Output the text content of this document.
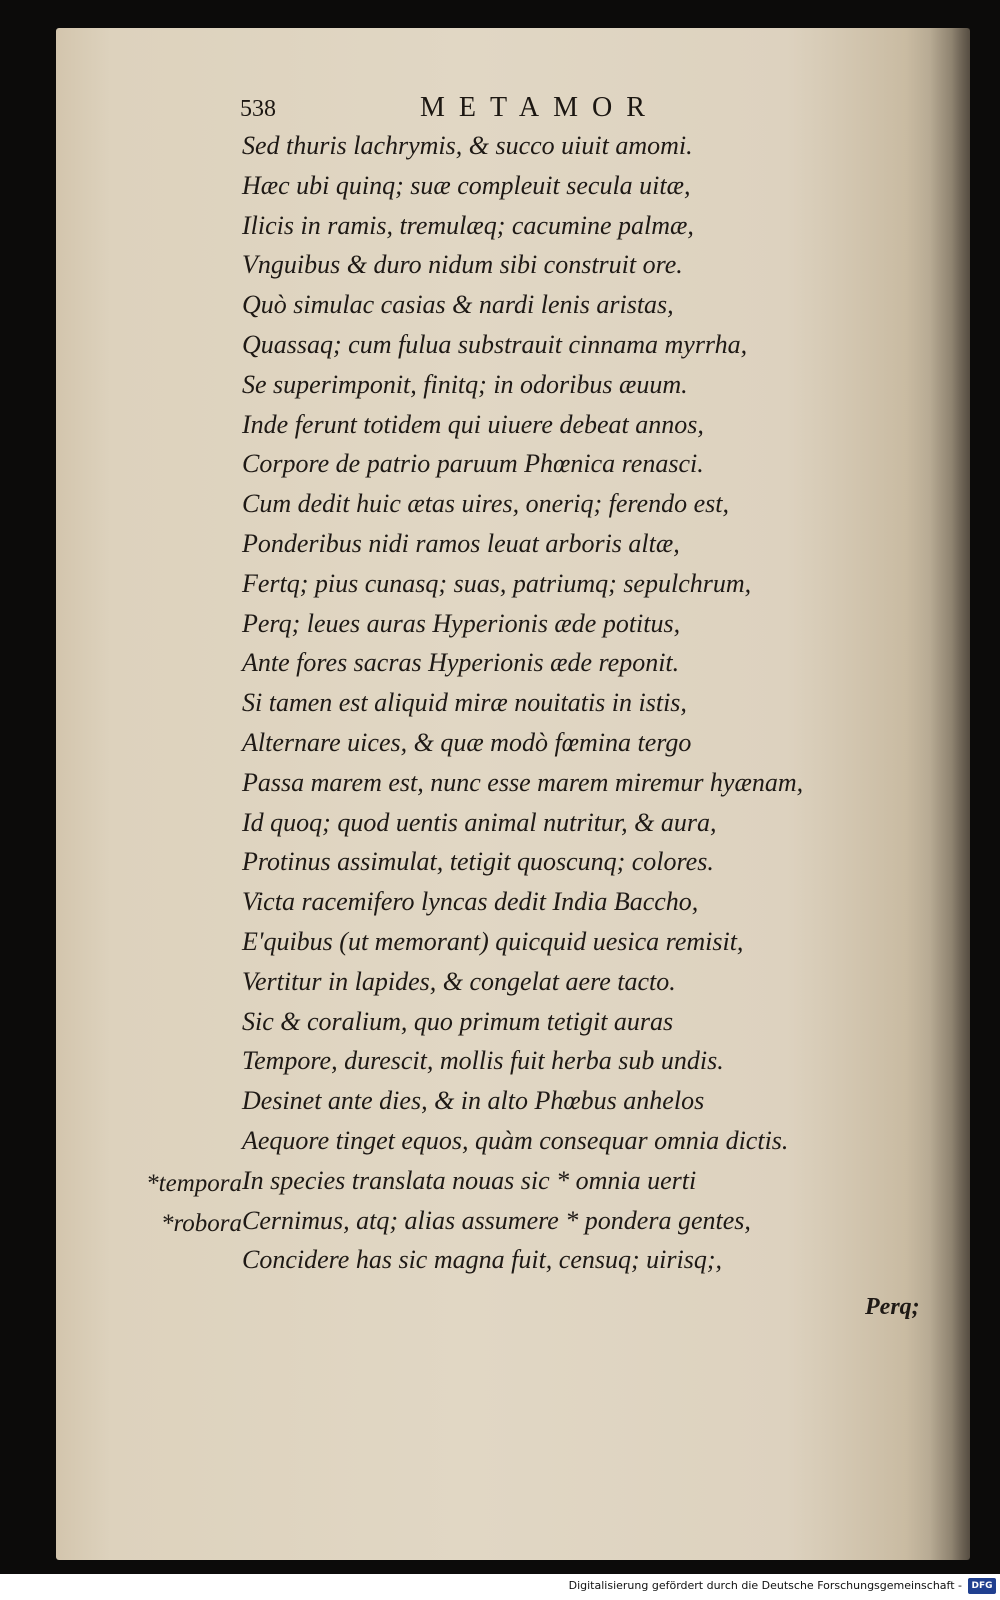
538	METAMOR
Sed thuris lachrymis, & succo uiuit amomi.
Hæc ubi quinq; suæ compleuit secula uitæ,
Ilicis in ramis, tremulæq; cacumine palmæ,
Vnguibus & duro nidum sibi construit ore.
Quò simulac casias & nardi lenis aristas,
Quassaq; cum fulua substrauit cinnama myrrha,
Se superimponit, finitq; in odoribus æuum.
Inde ferunt totidem qui uiuere debeat annos,
Corpore de patrio paruum Phœnica renasci.
Cum dedit huic ætas uires, oneriq; ferendo est,
Ponderibus nidi ramos leuat arboris altæ,
Fertq; pius cunasq; suas, patriumq; sepulchrum,
Perq; leues auras Hyperionis æde potitus,
Ante fores sacras Hyperionis æde reponit.
Si tamen est aliquid miræ nouitatis in istis,
Alternare uices, & quæ modò fœmina tergo
Passa marem est, nunc esse marem miremur hyænam,
Id quoq; quod uentis animal nutritur, & aura,
Protinus assimulat, tetigit quoscunq; colores.
Victa racemifero lyncas dedit India Baccho,
E'quibus (ut memorant) quicquid uesica remisit,
Vertitur in lapides, & congelat aere tacto.
Sic & coralium, quo primum tetigit auras
Tempore, durescit, mollis fuit herba sub undis.
Desinet ante dies, & in alto Phœbus anhelos
Aequore tinget equos, quàm consequar omnia dictis.
In species translata nouas sic * omnia uerti
Cernimus, atq; alias assumere * pondera gentes,
Concidere has sic magna fuit, censuq; uirisq;,
*tempora
*robora
Perq;
Digitalisierung gefördert durch die Deutsche Forschungsgemeinschaft -	DFG
